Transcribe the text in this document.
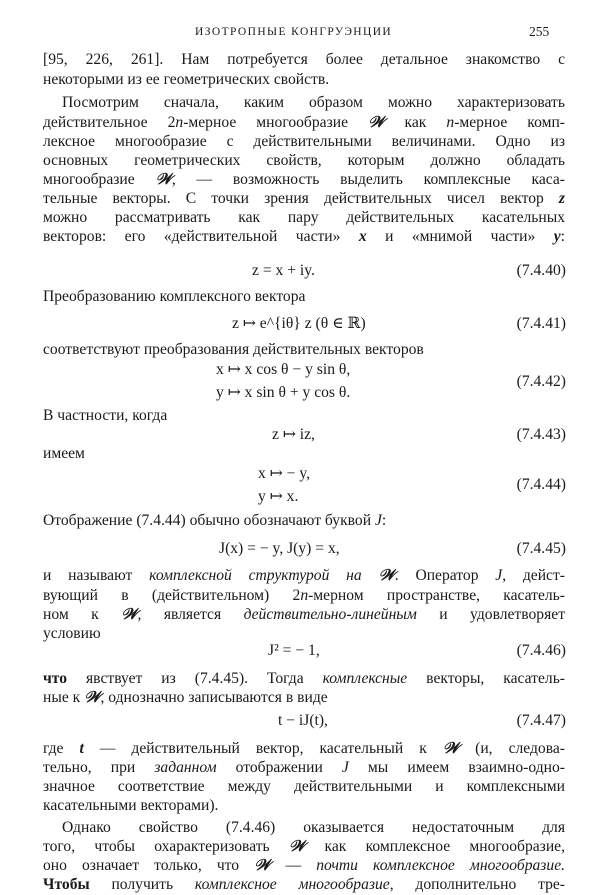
ИЗОТРОПНЫЕ КОНГРУЭНЦИИ	255
[95, 226, 261]. Нам потребуется более детальное знакомство с
некоторыми из ее геометрических свойств.
Посмотрим сначала, каким образом можно характеризовать
действительное 2n-мерное многообразие 𝒲 как n-мерное комп-
лексное многообразие с действительными величинами. Одно из
основных геометрических свойств, которым должно обладать
многообразие 𝒲, — возможность выделить комплексные каса-
тельные векторы. С точки зрения действительных чисел вектор z
можно рассматривать как пару действительных касательных
векторов: его «действительной части» x и «мнимой части» y:
z = x + iy.	(7.4.40)
Преобразованию комплексного вектора
z ↦ e^{iθ} z (θ ∈ ℝ)	(7.4.41)
соответствуют преобразования действительных векторов
x ↦ x cos θ − y sin θ,
y ↦ x sin θ + y cos θ.
(7.4.42)
В частности, когда
z ↦ iz,	(7.4.43)
имеем
x ↦ − y,
y ↦ x.
(7.4.44)
Отображение (7.4.44) обычно обозначают буквой J:
J(x) = − y, J(y) = x,	(7.4.45)
и называют комплексной структурой на 𝒲. Оператор J, дейст-
вующий в (действительном) 2n-мерном пространстве, касатель-
ном к 𝒲, является действительно-линейным и удовлетворяет
условию
J² = − 1,	(7.4.46)
что явствует из (7.4.45). Тогда комплексные векторы, касатель-
ные к 𝒲, однозначно записываются в виде
t − iJ(t),	(7.4.47)
где t — действительный вектор, касательный к 𝒲 (и, следова-
тельно, при заданном отображении J мы имеем взаимно-одно-
значное соответствие между действительными и комплексными
касательными векторами).
Однако свойство (7.4.46) оказывается недостаточным для
того, чтобы охарактеризовать 𝒲 как комплексное многообразие,
оно означает только, что 𝒲 — почти комплексное многообразие.
Чтобы получить комплексное многообразие, дополнительно тре-
